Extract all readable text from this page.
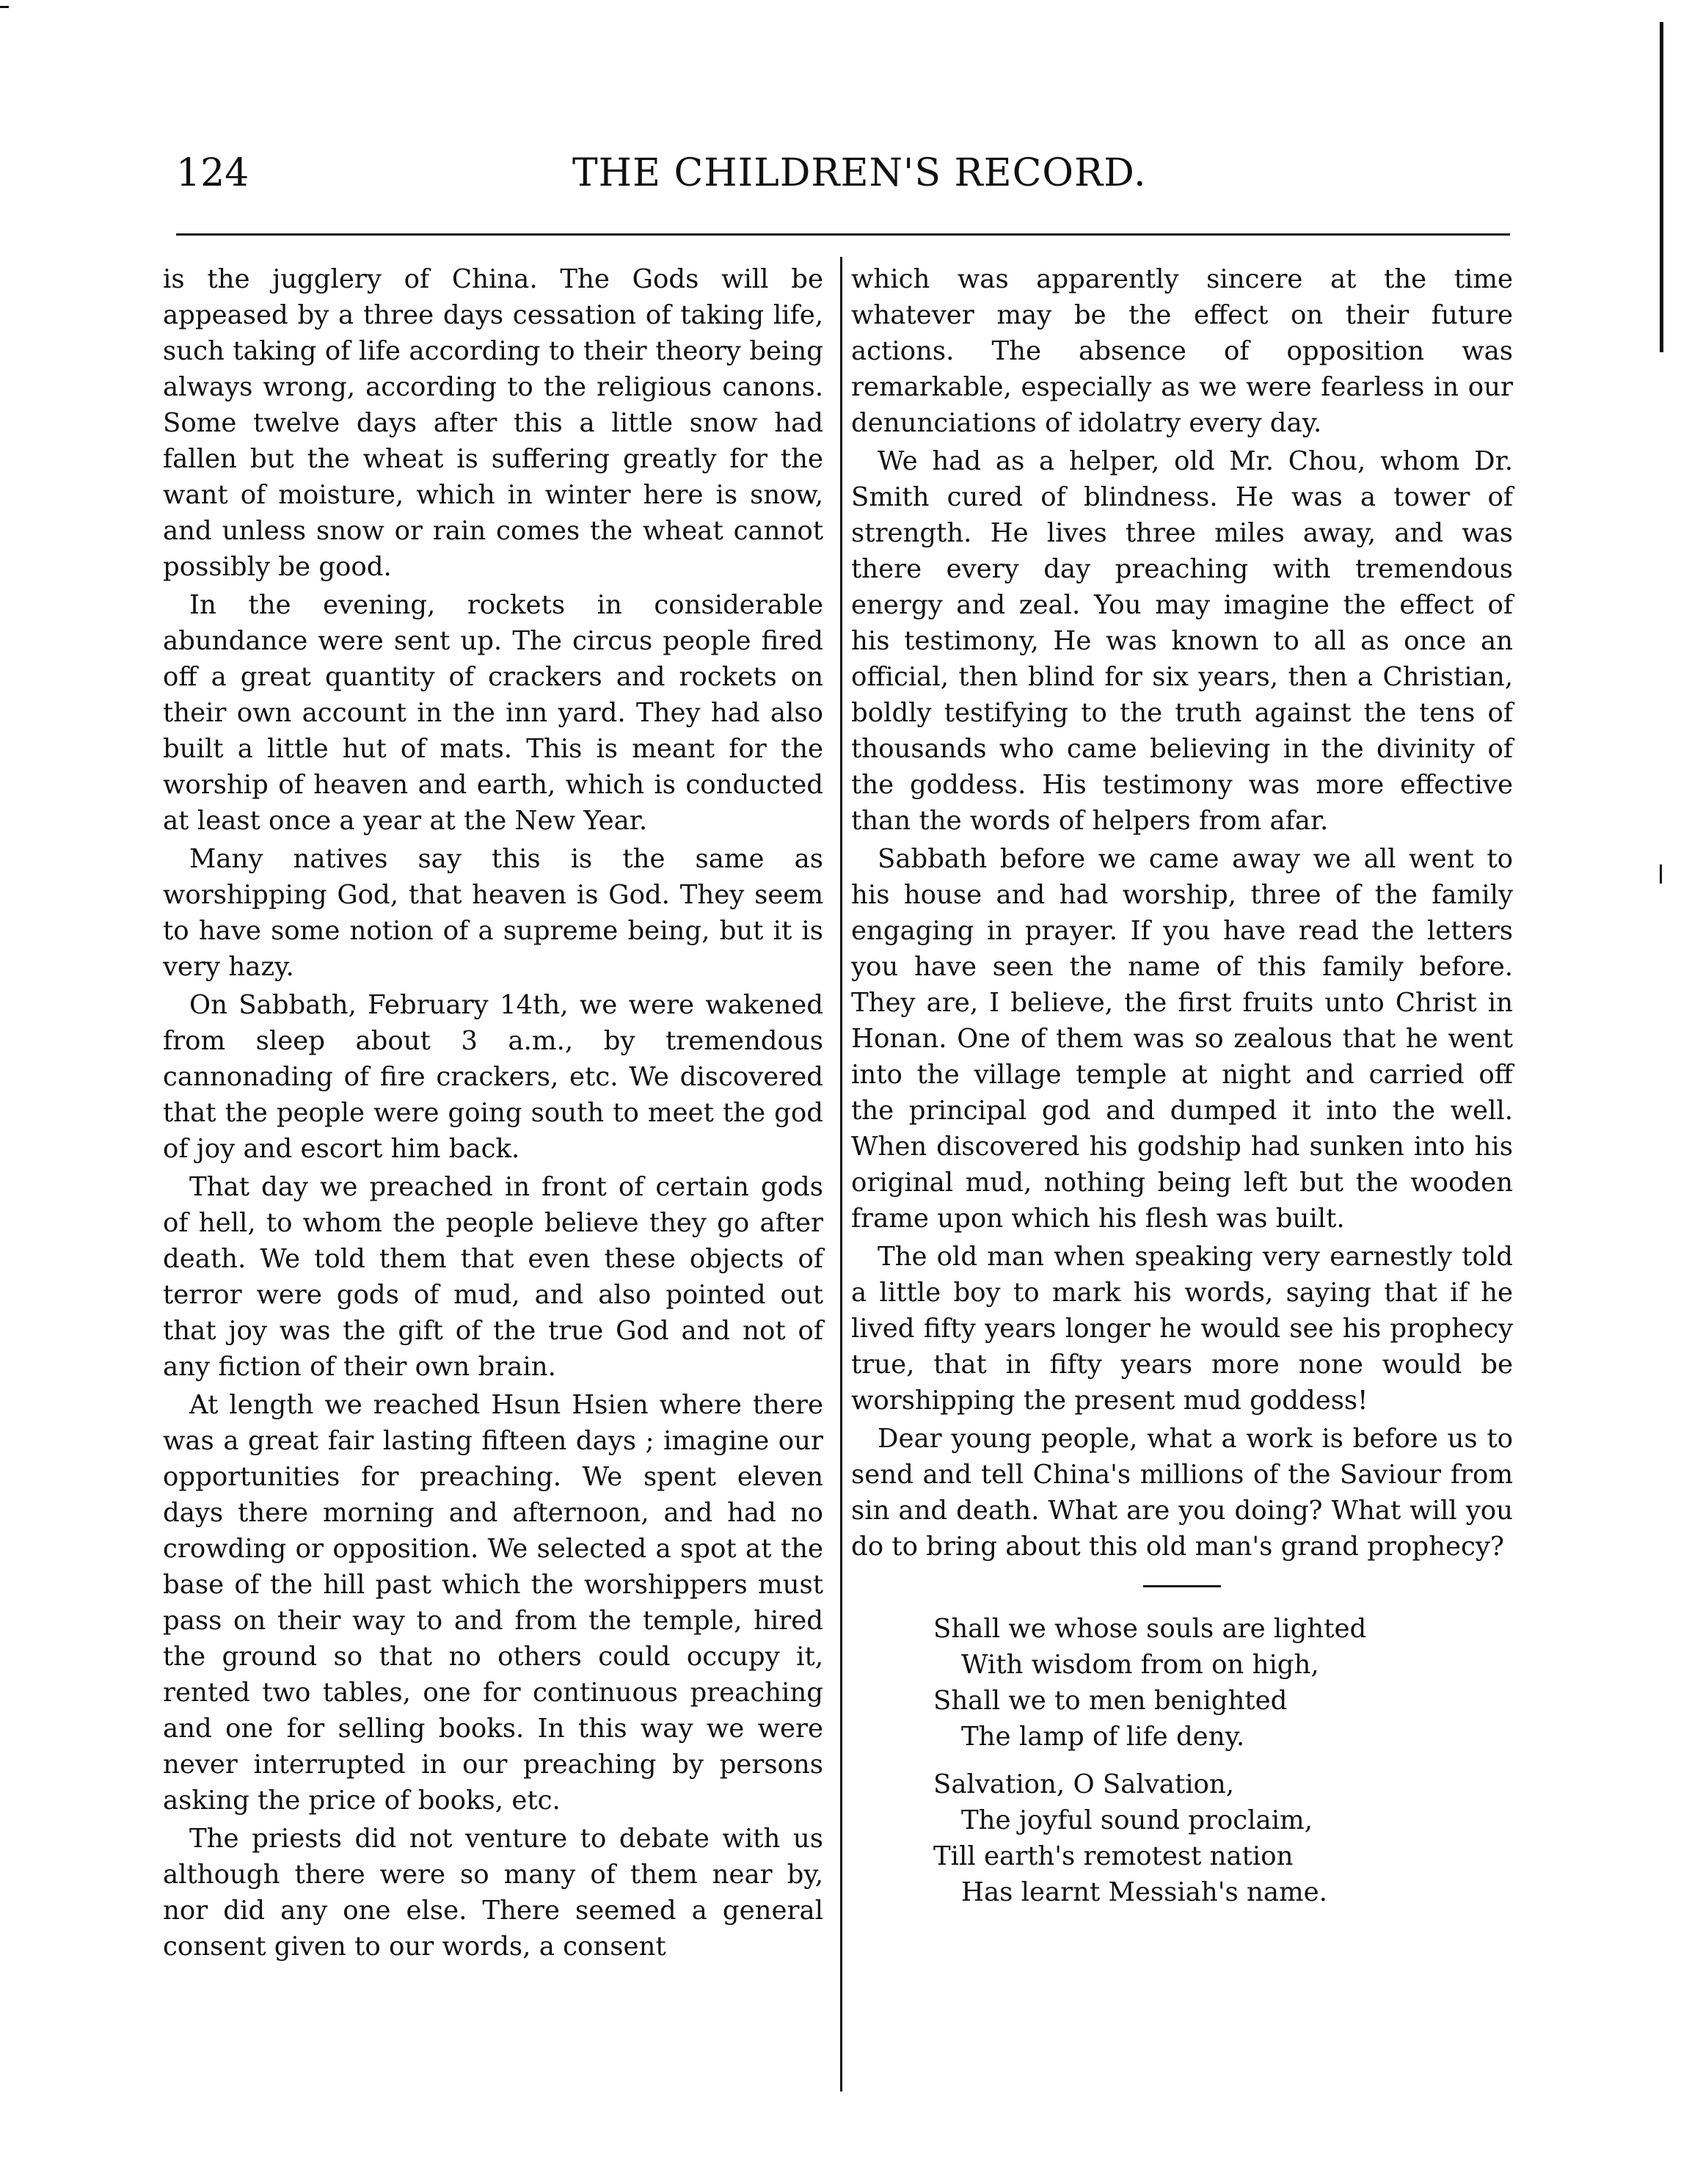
124	THE CHILDREN'S RECORD.

is the jugglery of China. The Gods will be appeased by a three days cessation of taking life, such taking of life according to their theory being always wrong, according to the religious canons. Some twelve days after this a little snow had fallen but the wheat is suffering greatly for the want of moisture, which in winter here is snow, and unless snow or rain comes the wheat cannot possibly be good.

In the evening, rockets in considerable abundance were sent up. The circus people fired off a great quantity of crackers and rockets on their own account in the inn yard. They had also built a little hut of mats. This is meant for the worship of heaven and earth, which is conducted at least once a year at the New Year.

Many natives say this is the same as worshipping God, that heaven is God. They seem to have some notion of a supreme being, but it is very hazy.

On Sabbath, February 14th, we were wakened from sleep about 3 a.m., by tremendous cannonading of fire crackers, etc. We discovered that the people were going south to meet the god of joy and escort him back.

That day we preached in front of certain gods of hell, to whom the people believe they go after death. We told them that even these objects of terror were gods of mud, and also pointed out that joy was the gift of the true God and not of any fiction of their own brain.

At length we reached Hsun Hsien where there was a great fair lasting fifteen days ; imagine our opportunities for preaching. We spent eleven days there morning and afternoon, and had no crowding or opposition. We selected a spot at the base of the hill past which the worshippers must pass on their way to and from the temple, hired the ground so that no others could occupy it, rented two tables, one for continuous preaching and one for selling books. In this way we were never interrupted in our preaching by persons asking the price of books, etc.

The priests did not venture to debate with us although there were so many of them near by, nor did any one else. There seemed a general consent given to our words, a consent

which was apparently sincere at the time whatever may be the effect on their future actions. The absence of opposition was remarkable, especially as we were fearless in our denunciations of idolatry every day.

We had as a helper, old Mr. Chou, whom Dr. Smith cured of blindness. He was a tower of strength. He lives three miles away, and was there every day preaching with tremendous energy and zeal. You may imagine the effect of his testimony, He was known to all as once an official, then blind for six years, then a Christian, boldly testifying to the truth against the tens of thousands who came believing in the divinity of the goddess. His testimony was more effective than the words of helpers from afar.

Sabbath before we came away we all went to his house and had worship, three of the family engaging in prayer. If you have read the letters you have seen the name of this family before. They are, I believe, the first fruits unto Christ in Honan. One of them was so zealous that he went into the village temple at night and carried off the principal god and dumped it into the well. When discovered his godship had sunken into his original mud, nothing being left but the wooden frame upon which his flesh was built.

The old man when speaking very earnestly told a little boy to mark his words, saying that if he lived fifty years longer he would see his prophecy true, that in fifty years more none would be worshipping the present mud goddess!

Dear young people, what a work is before us to send and tell China's millions of the Saviour from sin and death. What are you doing? What will you do to bring about this old man's grand prophecy?

Shall we whose souls are lighted
With wisdom from on high,
Shall we to men benighted
The lamp of life deny.
Salvation, O Salvation,
The joyful sound proclaim,
Till earth's remotest nation
Has learnt Messiah's name.
